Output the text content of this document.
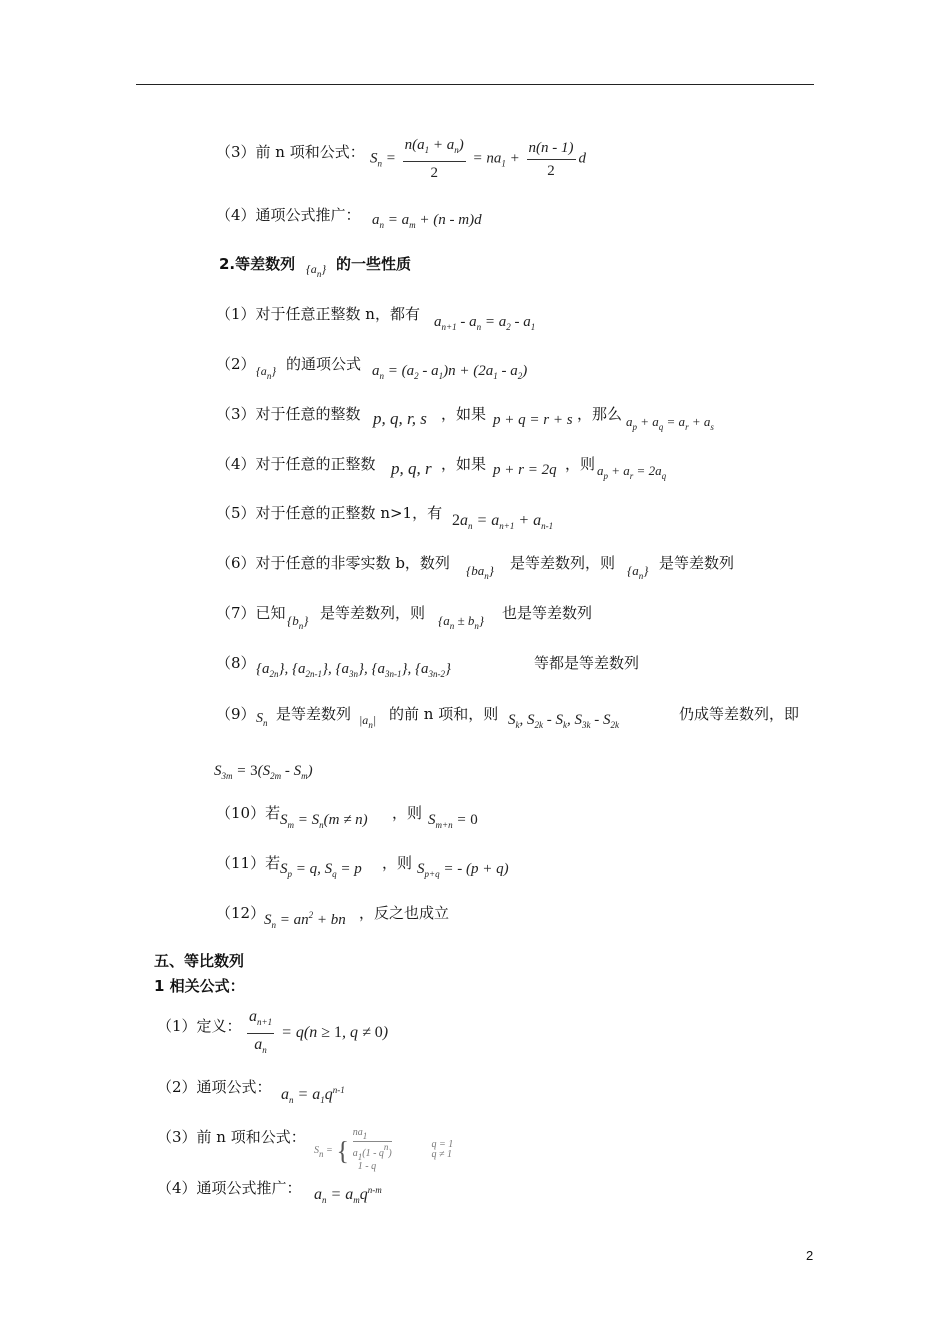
（3）前 n 项和公式： $S_n = \frac{n(a_1 + a_n)}{2} = na_1 + \frac{n(n - 1)}{2}$ d
（4）通项公式推广： $a_n = a_m + (n - m)d$
2.等差数列 $\{a_n\}$ 的一些性质
（1）对于任意正整数 n，都有 $a_{n+1} - a_n = a_2 - a_1$
（2） $\{a_n\}$ 的通项公式 $a_n = (a_2 - a_1)n + (2a_1 - a_2)$
（3）对于任意的整数 p, q, r, s ，如果 p + q = r + s ，那么 $a_p + a_q = a_r + a_s$
（4）对于任意的正整数 p, q, r ，如果 p + r = 2q ，则 $a_p + a_r = 2a_q$
（5）对于任意的正整数 n>1，有 $2a_n = a_{n+1} + a_{n-1}$
（6）对于任意的非零实数 b，数列 $\{ba_n\}$ 是等差数列，则 $\{a_n\}$ 是等差数列
（7）已知 $\{b_n\}$ 是等差数列，则 $\{a_n \pm b_n\}$ 也是等差数列
（8） $\{a_{2n}\}$, $\{a_{2n-1}\}$, $\{a_{3n}\}$, $\{a_{3n-1}\}$, $\{a_{3n-2}\}$	等都是等差数列
（9） $S_n$ 是等差数列 $|a_n|$ 的前 n 项和，则 $S_k$, $S_{2k} - S_k$, $S_{3k} - S_{2k}$
仍成等差数列，即
$S_{3m} = 3(S_{2m} - S_m)$
（10）若 $S_m = S_n(m \ne n)$ ，则 $S_{m+n} = 0$
（11）若 $S_p = q$, $S_q = p$ ，则 $S_{p+q}$ = - (p + q)
（12）
$S_n = an^2$ + bn ，反之也成立
五、等比数列
1 相关公式：
（1）定义： $\frac{a_{n+1}}{a_n} = q(n \ge 1$, q ≠ 0)
（2）通项公式： $a_n = a_1q^{n-1}$
（3）前 n 项和公式：
$S_n$ = {
$na_1$
$a_1(1 - q^n)$
1 - q

q = 1
q ≠ 1
（4）通项公式推广： $a_n = a_mq^{n-m}$
2
